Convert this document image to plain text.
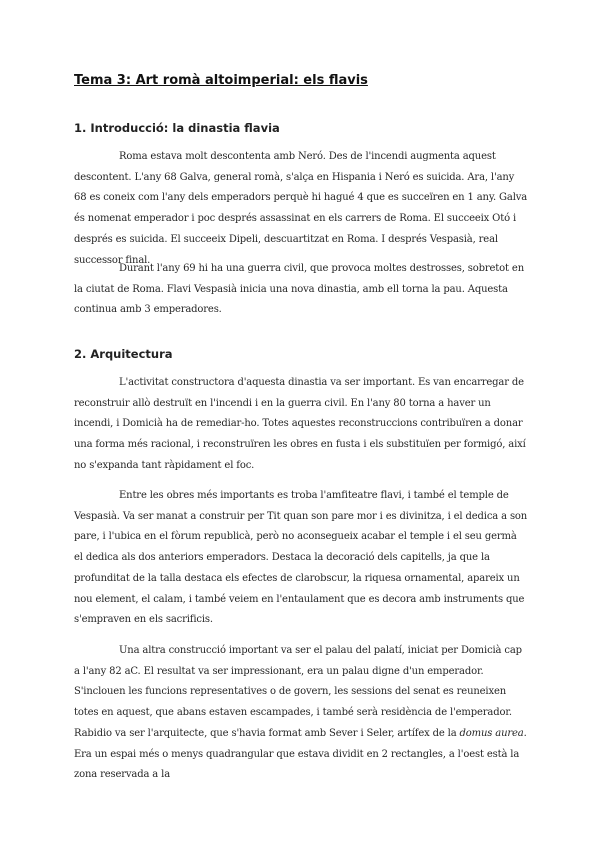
Tema 3: Art romà altoimperial: els flavis
1. Introducció: la dinastia flavia

Roma estava molt descontenta amb Neró. Des de l'incendi augmenta aquest descontent. L'any 68 Galva, general romà, s'alça en Hispania i Neró es suicida. Ara, l'any 68 es coneix com l'any dels emperadors perquè hi hagué 4 que es succeïren en 1 any. Galva és nomenat emperador i poc després assassinat en els carrers de Roma. El succeeix Otó i després es suicida. El succeeix Dipeli, descuartitzat en Roma. I després Vespasià, real successor final.

Durant l'any 69 hi ha una guerra civil, que provoca moltes destrosses, sobretot en la ciutat de Roma. Flavi Vespasià inicia una nova dinastia, amb ell torna la pau. Aquesta continua amb 3 emperadores.

2. Arquitectura

L'activitat constructora d'aquesta dinastia va ser important. Es van encarregar de reconstruir allò destruït en l'incendi i en la guerra civil. En l'any 80 torna a haver un incendi, i Domicià ha de remediar-ho. Totes aquestes reconstruccions contribuïren a donar una forma més racional, i reconstruïren les obres en fusta i els substituïen per formigó, així no s'expanda tant ràpidament el foc.

Entre les obres més importants es troba l'amfiteatre flavi, i també el temple de Vespasià. Va ser manat a construir per Tit quan son pare mor i es divinitza, i el dedica a son pare, i l'ubica en el fòrum republicà, però no aconsegueix acabar el temple i el seu germà el dedica als dos anteriors emperadors. Destaca la decoració dels capitells, ja que la profunditat de la talla destaca els efectes de clarobscur, la riquesa ornamental, apareix un nou element, el calam, i també veiem en l'entaulament que es decora amb instruments que s'empraven en els sacrificis.

Una altra construcció important va ser el palau del palatí, iniciat per Domicià cap a l'any 82 aC. El resultat va ser impressionant, era un palau digne d'un emperador. S'inclouen les funcions representatives o de govern, les sessions del senat es reuneixen totes en aquest, que abans estaven escampades, i també serà residència de l'emperador. Rabidio va ser l'arquitecte, que s'havia format amb Sever i Seler, artífex de la domus aurea. Era un espai més o menys quadrangular que estava dividit en 2 rectangles, a l'oest està la zona reservada a la
